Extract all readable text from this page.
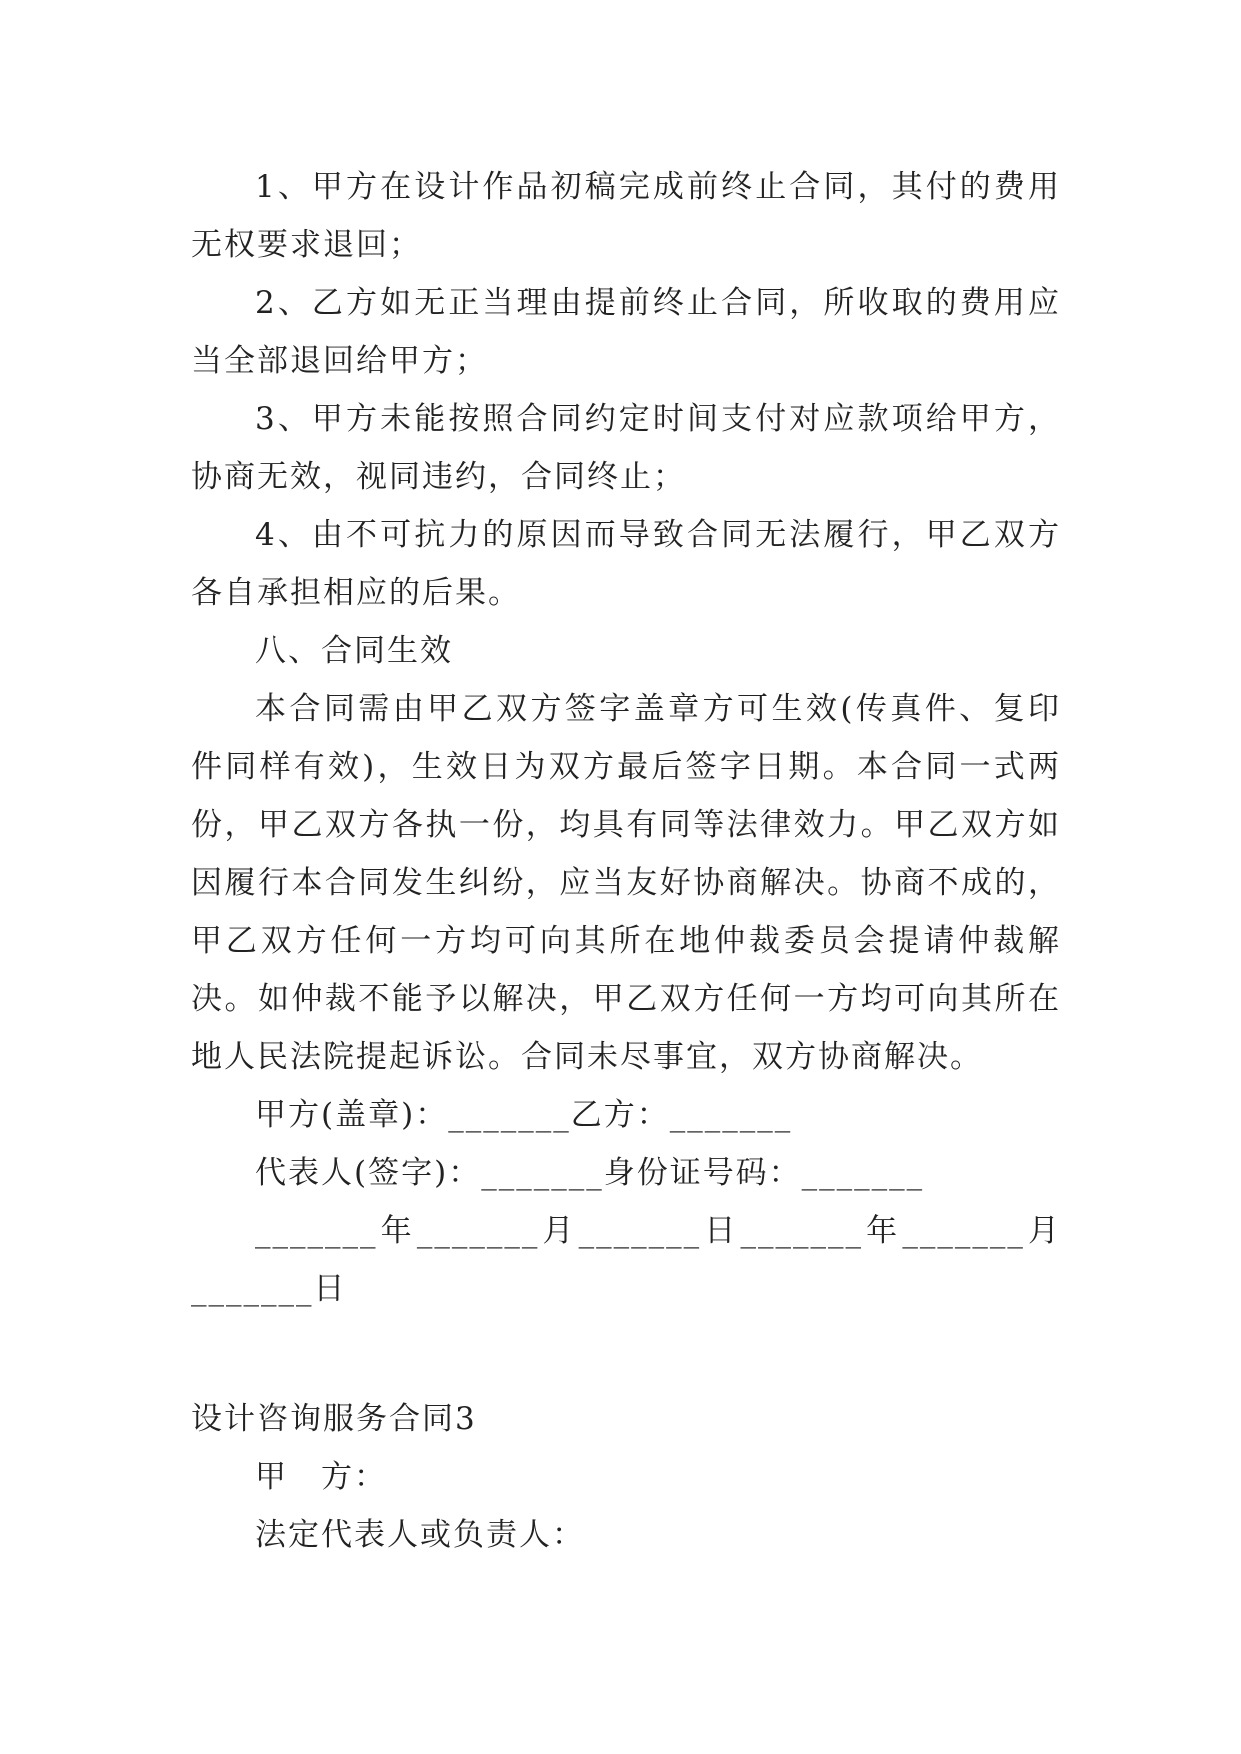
1、甲方在设计作品初稿完成前终止合同，其付的费用无权要求退回；

2、乙方如无正当理由提前终止合同，所收取的费用应当全部退回给甲方；

3、甲方未能按照合同约定时间支付对应款项给甲方，协商无效，视同违约，合同终止；

4、由不可抗力的原因而导致合同无法履行，甲乙双方各自承担相应的后果。

八、合同生效

本合同需由甲乙双方签字盖章方可生效(传真件、复印件同样有效)，生效日为双方最后签字日期。本合同一式两份，甲乙双方各执一份，均具有同等法律效力。甲乙双方如因履行本合同发生纠纷，应当友好协商解决。协商不成的，甲乙双方任何一方均可向其所在地仲裁委员会提请仲裁解决。如仲裁不能予以解决，甲乙双方任何一方均可向其所在地人民法院提起诉讼。合同未尽事宜，双方协商解决。

甲方(盖章)：_______乙方：_______

代表人(签字)：_______身份证号码：_______

_______年_______月_______日_______年_______月_______日

设计咨询服务合同3

甲　方：

法定代表人或负责人：
